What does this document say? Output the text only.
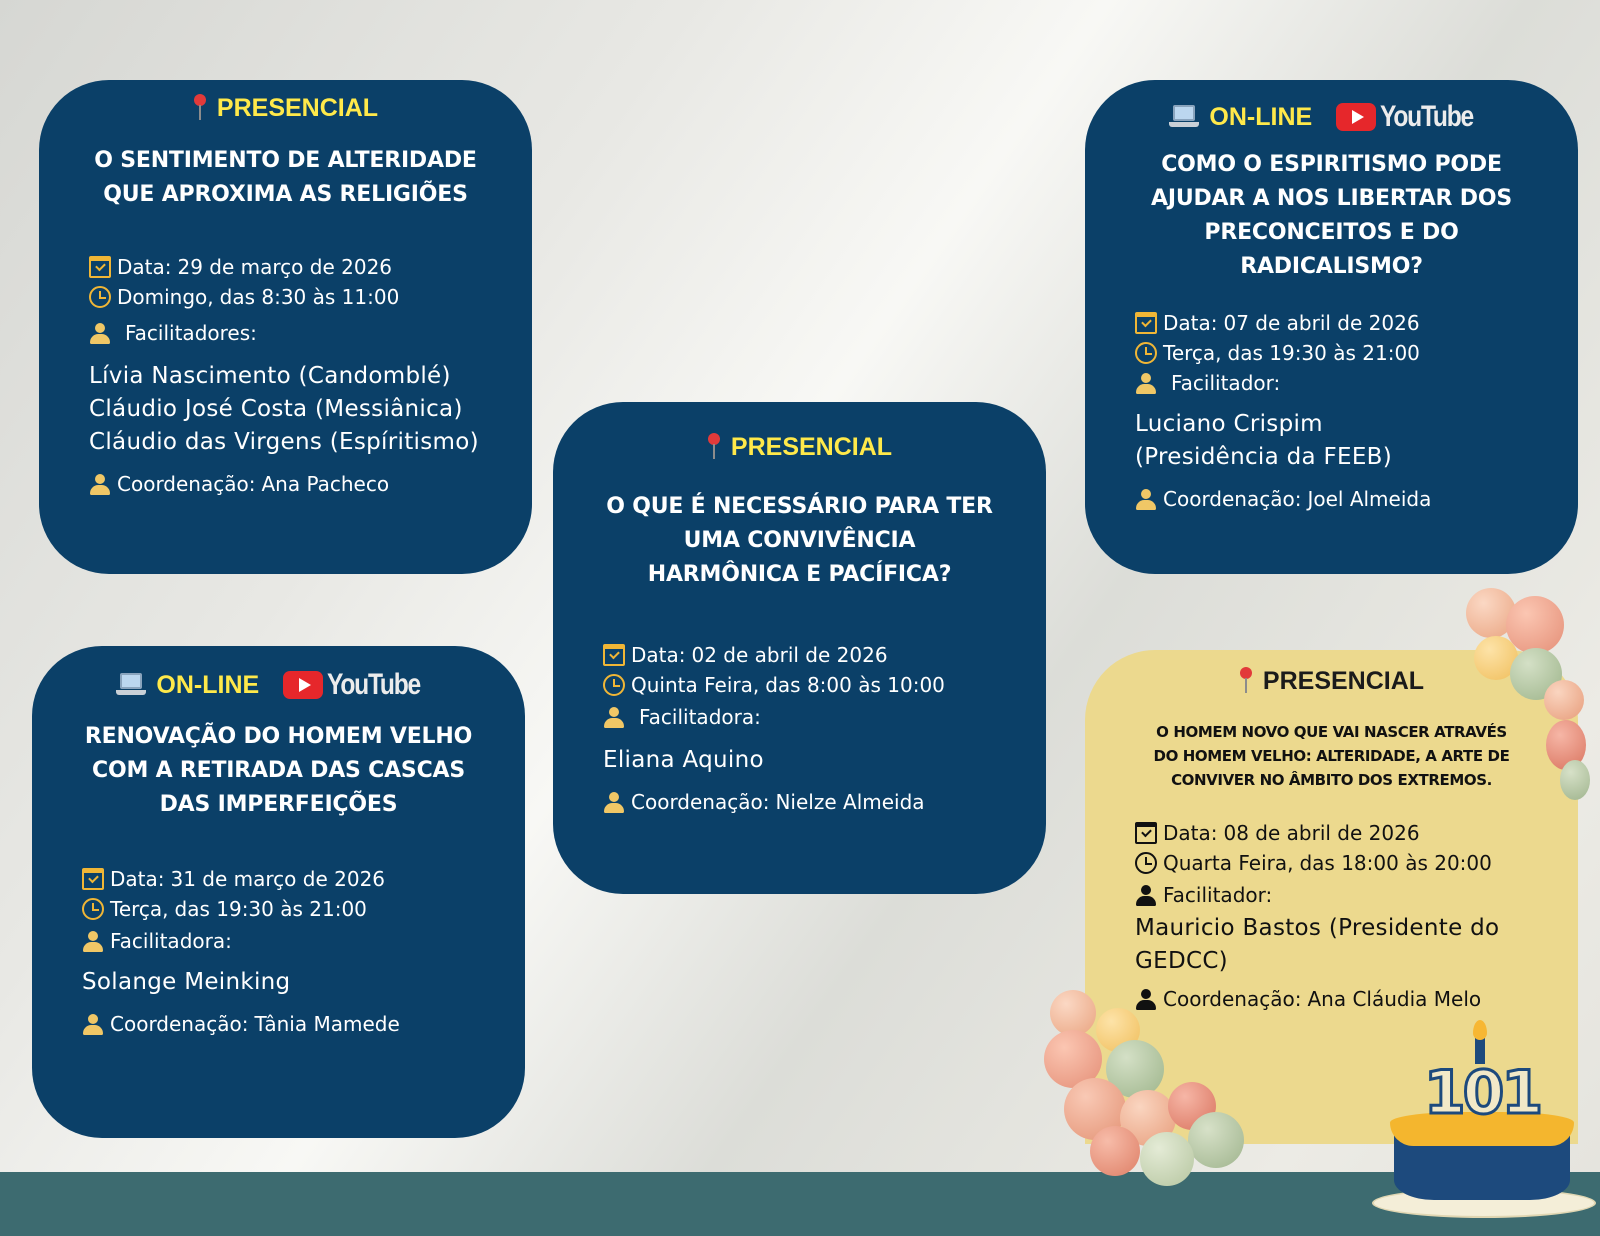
PRESENCIAL
O SENTIMENTO DE ALTERIDADE
QUE APROXIMA AS RELIGIÕES
Data: 29 de março de 2026
Domingo, das 8:30 às 11:00
Facilitadores:
Lívia Nascimento (Candomblé)
Cláudio José Costa (Messiânica)
Cláudio das Virgens (Espíritismo)
Coordenação: Ana Pacheco
ON-LINE YouTube
COMO O ESPIRITISMO PODE
AJUDAR A NOS LIBERTAR DOS
PRECONCEITOS E DO
RADICALISMO?
Data: 07 de abril de 2026
Terça, das 19:30 às 21:00
Facilitador:
Luciano Crispim
(Presidência da FEEB)
Coordenação: Joel Almeida
PRESENCIAL
O QUE É NECESSÁRIO PARA TER
UMA CONVIVÊNCIA
HARMÔNICA E PACÍFICA?
Data: 02 de abril de 2026
Quinta Feira, das 8:00 às 10:00
Facilitadora:
Eliana Aquino
Coordenação: Nielze Almeida
ON-LINE YouTube
RENOVAÇÃO DO HOMEM VELHO
COM A RETIRADA DAS CASCAS
DAS IMPERFEIÇÕES
Data: 31 de março de 2026
Terça, das 19:30 às 21:00
Facilitadora:
Solange Meinking
Coordenação: Tânia Mamede
PRESENCIAL
O HOMEM NOVO QUE VAI NASCER ATRAVÉS
DO HOMEM VELHO: ALTERIDADE, A ARTE DE
CONVIVER NO ÂMBITO DOS EXTREMOS.
Data: 08 de abril de 2026
Quarta Feira, das 18:00 às 20:00
Facilitador:
Mauricio Bastos (Presidente do
GEDCC)
Coordenação: Ana Cláudia Melo
101
